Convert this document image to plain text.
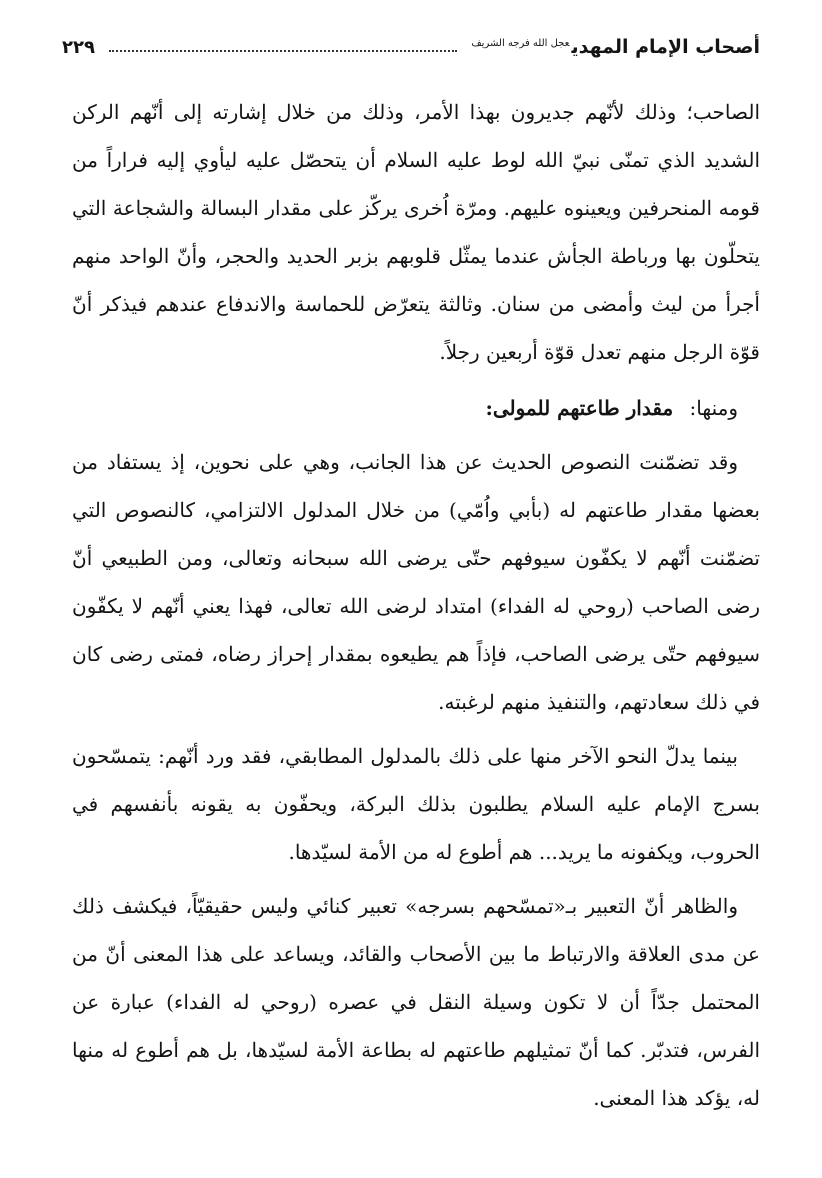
أصحاب الإمام المهدي$^{عجل الله فرجه الشريف}$
٢٢٩

الصاحب؛ وذلك لأنّهم جديرون بهذا الأمر، وذلك من خلال إشارته إلى أنّهم الركن الشديد الذي تمنّى نبيّ الله لوط عليه السلام أن يتحصّل عليه ليأوي إليه فراراً من قومه المنحرفين ويعينوه عليهم. ومرّة اُخرى يركّز على مقدار البسالة والشجاعة التي يتحلّون بها ورباطة الجأش عندما يمثّل قلوبهم بزبر الحديد والحجر، وأنّ الواحد منهم أجرأ من ليث وأمضى من سنان. وثالثة يتعرّض للحماسة والاندفاع عندهم فيذكر أنّ قوّة الرجل منهم تعدل قوّة أربعين رجلاً.

ومنها: مقدار طاعتهم للمولى:

وقد تضمّنت النصوص الحديث عن هذا الجانب، وهي على نحوين، إذ يستفاد من بعضها مقدار طاعتهم له (بأبي واُمّي) من خلال المدلول الالتزامي، كالنصوص التي تضمّنت أنّهم لا يكفّون سيوفهم حتّى يرضى الله سبحانه وتعالى، ومن الطبيعي أنّ رضى الصاحب (روحي له الفداء) امتداد لرضى الله تعالى، فهذا يعني أنّهم لا يكفّون سيوفهم حتّى يرضى الصاحب، فإذاً هم يطيعوه بمقدار إحراز رضاه، فمتى رضى كان في ذلك سعادتهم، والتنفيذ منهم لرغبته.

بينما يدلّ النحو الآخر منها على ذلك بالمدلول المطابقي، فقد ورد أنّهم: يتمسّحون بسرج الإمام عليه السلام يطلبون بذلك البركة، ويحفّون به يقونه بأنفسهم في الحروب، ويكفونه ما يريد... هم أطوع له من الأمة لسيّدها.

والظاهر أنّ التعبير بـ«تمسّحهم بسرجه» تعبير كنائي وليس حقيقيّاً، فيكشف ذلك عن مدى العلاقة والارتباط ما بين الأصحاب والقائد، ويساعد على هذا المعنى أنّ من المحتمل جدّاً أن لا تكون وسيلة النقل في عصره (روحي له الفداء) عبارة عن الفرس، فتدبّر. كما أنّ تمثيلهم طاعتهم له بطاعة الأمة لسيّدها، بل هم أطوع له منها له، يؤكد هذا المعنى.
